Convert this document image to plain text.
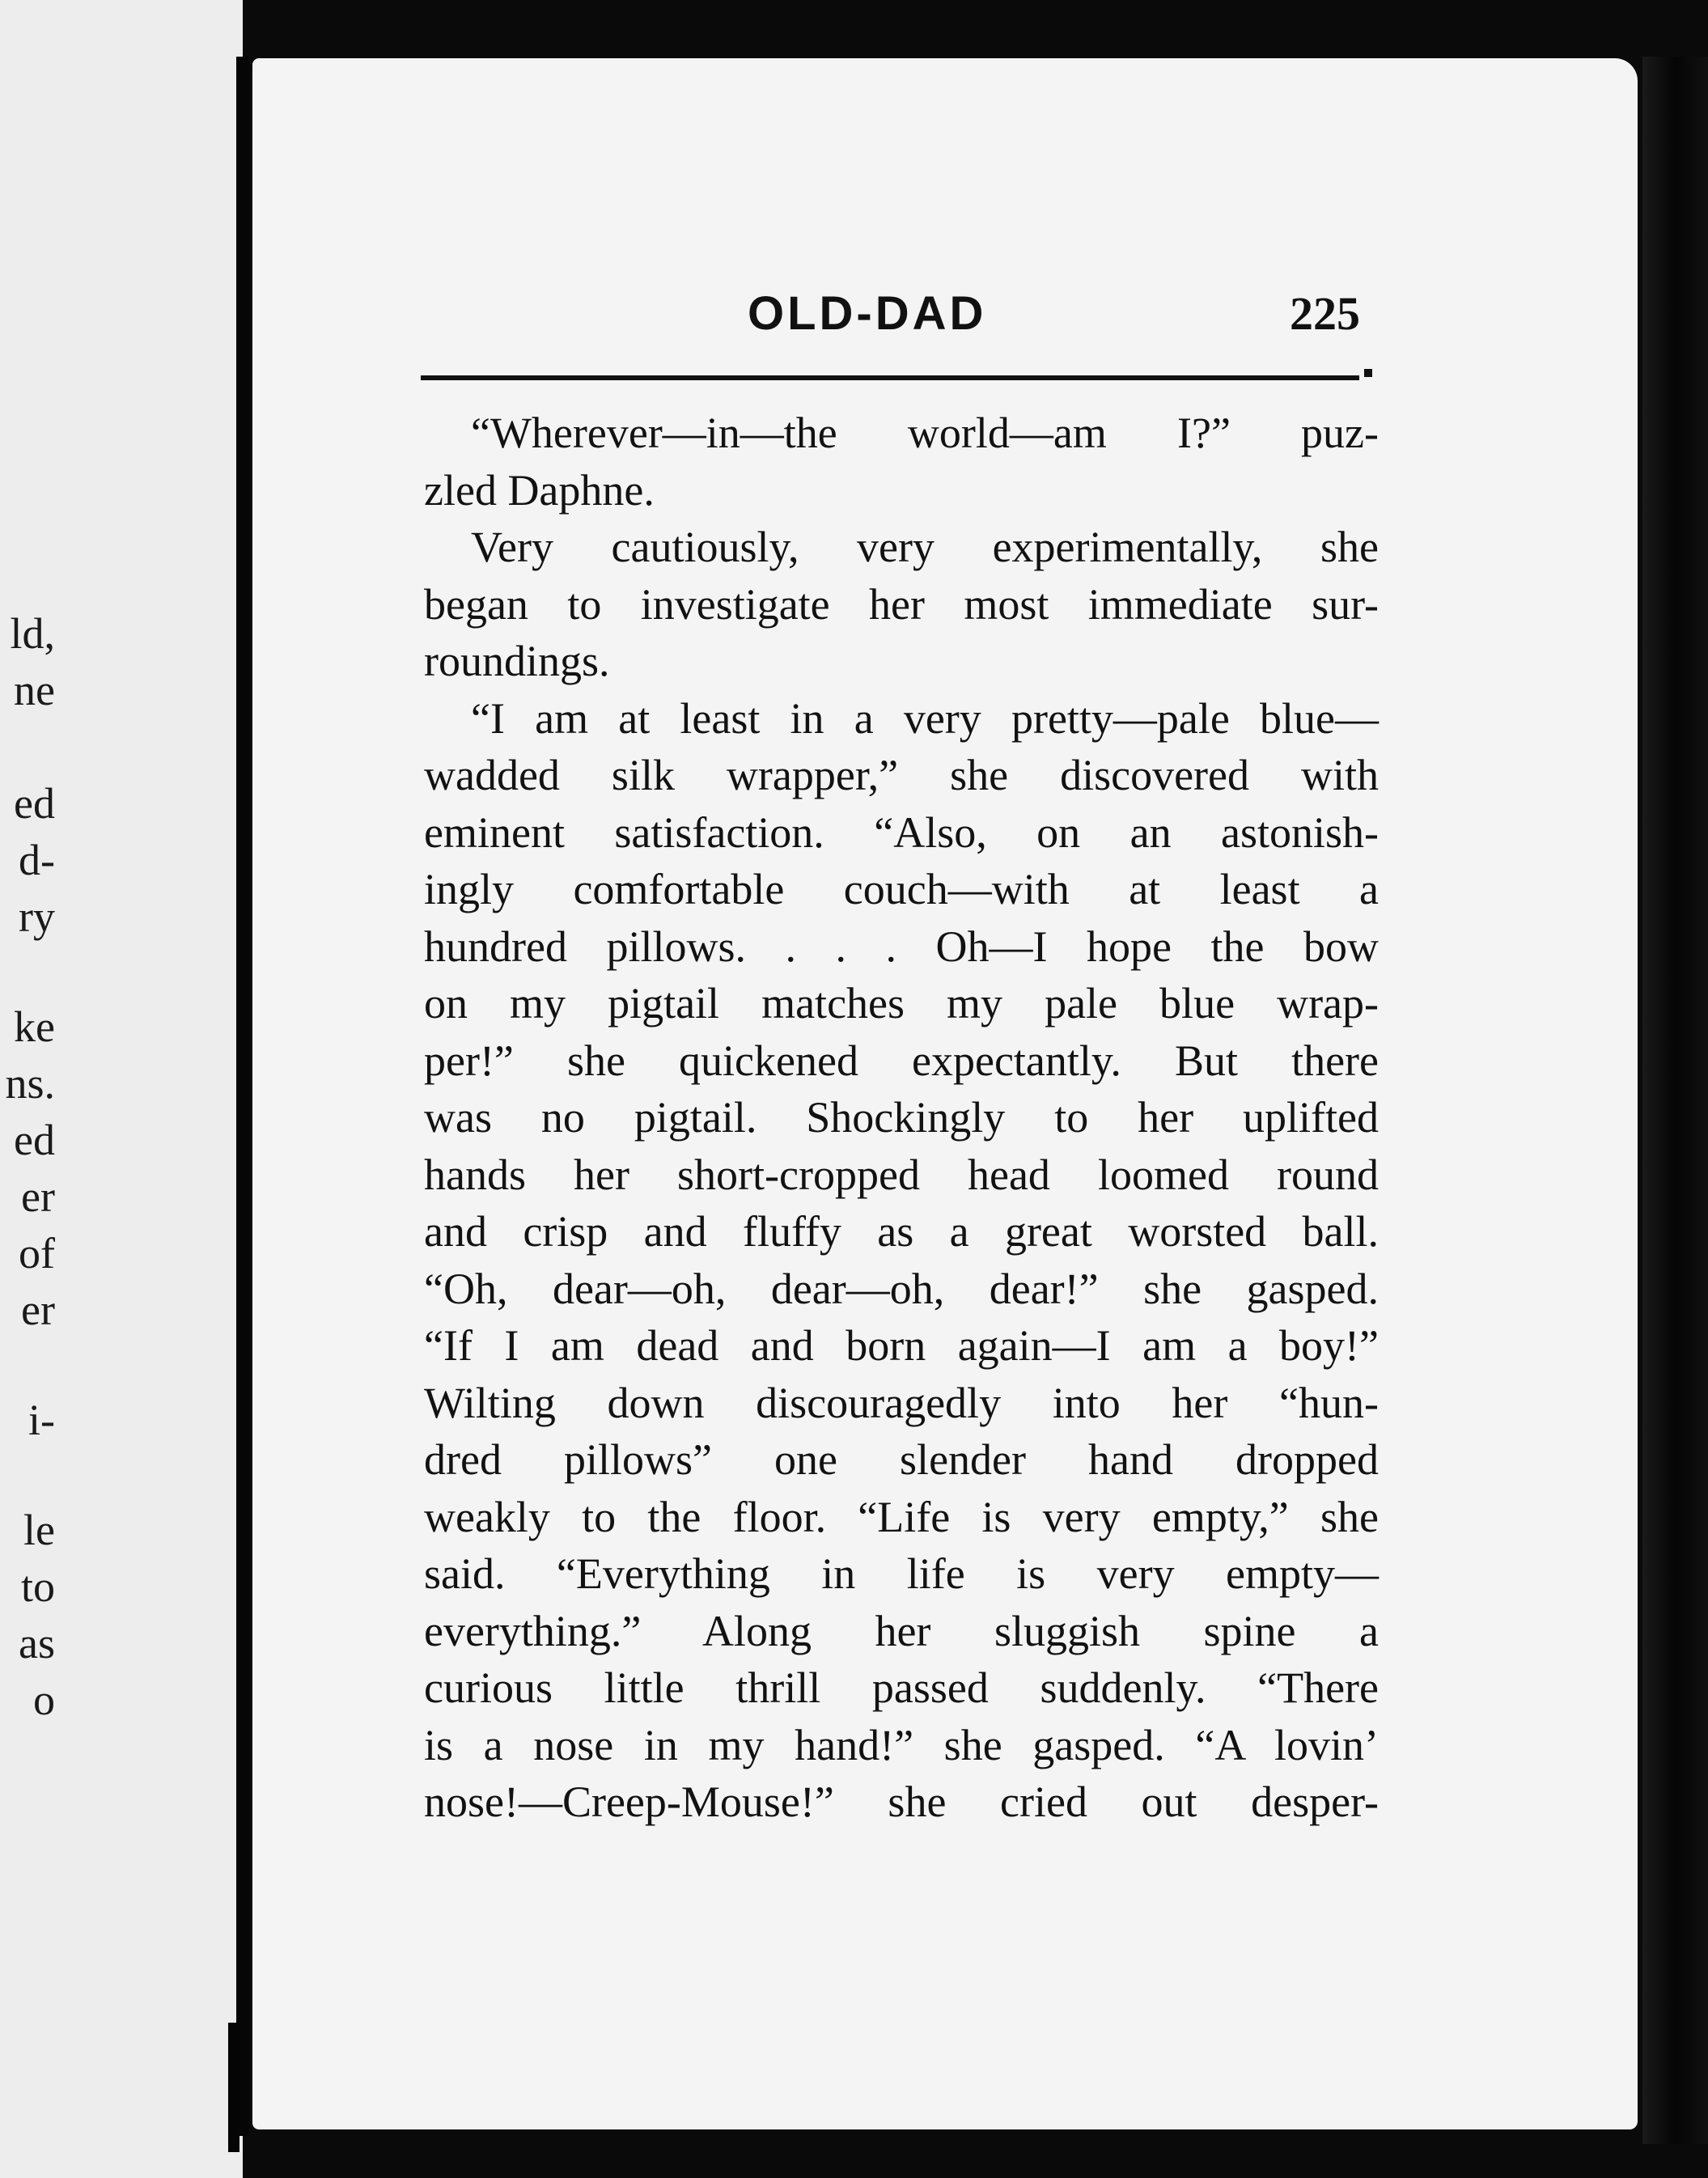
ld,
ne
ed
d-
ry
ke
ns.
ed
er
of
er
i-
le
to
as
o
OLD-DAD	225
“Wherever—in—the world—am I?” puz-
zled Daphne.
Very cautiously, very experimentally, she
began to investigate her most immediate sur-
roundings.
“I am at least in a very pretty—pale blue—
wadded silk wrapper,” she discovered with
eminent satisfaction. “Also, on an astonish-
ingly comfortable couch—with at least a
hundred pillows. . . . Oh—I hope the bow
on my pigtail matches my pale blue wrap-
per!” she quickened expectantly. But there
was no pigtail. Shockingly to her uplifted
hands her short-cropped head loomed round
and crisp and fluffy as a great worsted ball.
“Oh, dear—oh, dear—oh, dear!” she gasped.
“If I am dead and born again—I am a boy!”
Wilting down discouragedly into her “hun-
dred pillows” one slender hand dropped
weakly to the floor. “Life is very empty,” she
said. “Everything in life is very empty—
everything.” Along her sluggish spine a
curious little thrill passed suddenly. “There
is a nose in my hand!” she gasped. “A lovin’
nose!—Creep-Mouse!” she cried out desper-
